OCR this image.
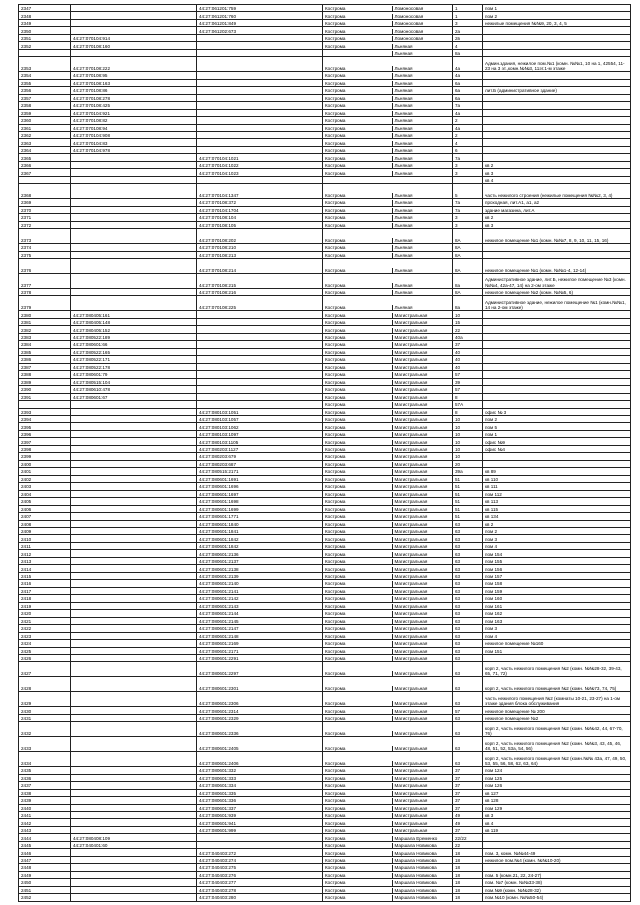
2347		44:27:061201:759	Кострома Ломоносовая	1	пом 1
2348		44:27:061201:760	Кострома Ломоносовая	1	пом 2
2349		44:27:061201:849	Кострома Ломоносовая	3	нежилые помещения №№9, 20, 3, 4, 5
2350		44:27:061202:673	Кострома Ломоносовая	2а	
2351	44:27:070104:914		Кострома Ломоносовая	2в	
2352	44:27:070108:160		Кострома Льняная	4	

Льняная	8а	
2353	44:27:070108:222		Кострома Льняная	4а	Админ.здания, нежилое пом.№1 (комн. №№1, 10 на 1, 42554, 11-23 на 3 эт.,комн.№№3, 11эт.1-м этаже
2354	44:27:070108:95		Кострома Льняная	4а	
2355	44:27:070108:163		Кострома Льняная	6а	
2356	44:27:070108:86		Кострома Льняная	6а	лит.Б (административное здание)
2357	44:27:070108:278		Кострома Льняная	6а	
2358	44:27:070108:425		Кострома Льняная	7а	
2359	44:27:070104:921		Кострома Льняная	4а	
2360	44:27:070108:82		Кострома Льняная	2	
2361	44:27:070108:94		Кострома Льняная	4а	
2362	44:27:070104:908		Кострома Льняная	2	
2363	44:27:070104:83		Кострома Льняная	4	
2364	44:27:070104:978		Кострома Льняная	6	
2365		44:27:070104:1021	Кострома Льняная	7а	
2366		44:27:070104:1022	Кострома Льняная	3	кв 2
2367		44:27:070104:1023	Кострома Льняная	3	кв 3

		кв 4
2368		44:27:070104:1347	Кострома Льняная	5	часть нежилого строения (нежилые помещения №№2, 3, 4)
2369		44:27:070108:372	Кострома Льняная	7а	проходная, лит.А1, а1, а2
2370		44:27:070104:1704	Кострома Льняная	7а	здание магазина, лит.А
2371		44:27:070108:104	Кострома Льняная	3	кв 2
2372		44:27:070108:105	Кострома Льняная	3	кв 3
2373		44:27:070108:202	Кострома Льняная	8А	нежилое помещение №1 (комн. №№7, 8, 9, 10, 11, 15, 16)
2374		44:27:070108:210	Кострома Льняная	8А	
2375		44:27:070108:213	Кострома Льняная	8А	
2376		44:27:070108:214	Кострома Льняная	8А	нежилое помещение №1 (комн. №№1-4, 12-14)
2377		44:27:070108:215	Кострома Льняная	8а	Административное здание, лит.Б, нежилое помещение №3 (комн. №№4, 42а-47, 14) на 2-ом этаже
2378		44:27:070108:216	Кострома Льняная	8А	нежилое помещение №2 (комн. №№5, 6)
2379		44:27:070108:225	Кострома Льняная	8а	Административное здание, нежилое помещение №1 (комн.№№1, 14 на 2-ом этаже)
2380	44:27:080405:161		Кострома Магистральная	10	
2381	44:27:080405:148		Кострома Магистральная	15	
2382	44:27:080405:152		Кострома Магистральная	22	
2383	44:27:080522:189		Кострома Магистральная	40а	
2384	44:27:080601:66		Кострома Магистральная	37	
2385	44:27:080522:165		Кострома Магистральная	40	
2386	44:27:080522:171		Кострома Магистральная	40	
2387	44:27:080522:178		Кострома Магистральная	40	
2388	44:27:080601:79		Кострома Магистральная	57	
2389	44:27:080515:104		Кострома Магистральная	39	
2390	44:27:080610:478		Кострома Магистральная	57	
2391	44:27:080601:67		Кострома Магистральная	8	

			Кострома Магистральная	57А	
2393		44:27:080103:1051	Кострома Магистральная	8	офис № 3
2394		44:27:080103:1057	Кострома Магистральная	10	пом 2
2395		44:27:080103:1062	Кострома Магистральная	10	пом 5
2396		44:27:080103:1097	Кострома Магистральная	10	пом 1
2397		44:27:080103:1105	Кострома Магистральная	10	офис №9
2398		44:27:080203:1127	Кострома Магистральная	10	офис №4
2399		44:27:080203:679	Кострома Магистральная	10	
2400		44:27:080203:687	Кострома Магистральная	20	
2401		44:27:080515:2171	Кострома Магистральная	39а	кв 89
2402		44:27:080601:1691	Кострома Магистральная	51	кв 110
2403		44:27:080601:1696	Кострома Магистральная	51	кв 111
2404		44:27:080601:1697	Кострома Магистральная	51	пом 112
2405		44:27:080601:1698	Кострома Магистральная	51	кв 113
2406		44:27:080601:1699	Кострома Магистральная	51	кв 115
2407		44:27:080601:1771	Кострома Магистральная	51	кв 134
2408		44:27:080601:1840	Кострома Магистральная	63	кв 2
2409		44:27:080601:1841	Кострома Магистральная	63	пом 2
2410		44:27:080601:1842	Кострома Магистральная	63	пом 3
2411		44:27:080601:1842	Кострома Магистральная	63	пом 4
2412		44:27:080601:2136	Кострома Магистральная	63	пом 154
2413		44:27:080601:2137	Кострома Магистральная	63	пом 155
2414		44:27:080601:2138	Кострома Магистральная	63	пом 156
2415		44:27:080601:2139	Кострома Магистральная	63	пом 157
2416		44:27:080601:2140	Кострома Магистральная	63	пом 158
2417		44:27:080601:2141	Кострома Магистральная	63	пом 159
2418		44:27:080601:2142	Кострома Магистральная	63	пом 160
2419		44:27:080601:2143	Кострома Магистральная	63	пом 161
2420		44:27:080601:2144	Кострома Магистральная	63	пом 162
2421		44:27:080601:2145	Кострома Магистральная	63	пом 163
2422		44:27:080601:2147	Кострома Магистральная	63	пом 3
2423		44:27:080601:2148	Кострома Магистральная	63	пом 4
2424		44:27:080601:2169	Кострома Магистральная	63	нежилое помещение №160
2425		44:27:080601:2171	Кострома Магистральная	63	пом 151
2426		44:27:080601:2291	Кострома Магистральная	63	
2427		44:27:080601:2297	Кострома Магистральная	63	корп 2, часть нежилого помещения №2 (комн. №№28-32, 39-43, 65, 71, 72)
2428		44:27:080601:2301	Кострома Магистральная	63	корп 2, часть нежилого помещения №2 (комн. №№73, 74, 75)
2429		44:27:080601:2306	Кострома Магистральная	63	часть нежилого помещения №2 (комнаты 10-21, 23-27) на 1-ом этаже здания блока обслуживания
2430		44:27:080601:2314	Кострома Магистральная	57	нежилое помещение № 200
2431		44:27:080601:2329	Кострома Магистральная	63	нежилое помещение №2
2432		44:27:080601:2336	Кострома Магистральная	63	корп 2, часть нежилого помещения №2 (комн. №№42, 44, 67-70, 76)
2433		44:27:080601:2405	Кострома Магистральная	63	корп 2, часть нежилого помещения №2 (комн. №№3, 43, 45, 46, 48, 51, 52, 53а, 54, 56)
2434		44:27:080601:2406	Кострома Магистральная	63	корп 2, часть нежилого помещения №2 (комн.№№ 43а, 47, 49, 50, 53, 55, 56, 58, 62, 63, 64)
2435		44:27:080601:332	Кострома Магистральная	37	пом 124
2436		44:27:080601:333	Кострома Магистральная	37	пом 125
2437		44:27:080601:334	Кострома Магистральная	37	пом 126
2438		44:27:080601:335	Кострома Магистральная	37	кв 127
2439		44:27:080601:336	Кострома Магистральная	37	кв 128
2440		44:27:080601:337	Кострома Магистральная	37	пом 129
2441		44:27:080601:939	Кострома Магистральная	49	кв 3
2442		44:27:080601:941	Кострома Магистральная	49	кв 4
2443		44:27:080601:999	Кострома Магистральная	37	кв 119
2444	44:27:080408:109		Кострома Маршала Еременко	22/22	
2445	44:27:040401:60		Кострома Маршала Новикова	22	
2446		44:27:040403:272	Кострома Маршала Новикова	18	пом. 3, комн. №№44-49
2447		44:27:040403:274	Кострома Маршала Новикова	18	нежилое пом.№4 (комн. №№10-20)
2448		44:27:040403:275	Кострома Маршала Новикова	18	
2449		44:27:040403:276	Кострома Маршала Новикова	18	пом. 5 (комн.21, 22, 24-27)
2450		44:27:040403:277	Кострома Маршала Новикова	18	пом. №7 (комн. №№33-38)
2451		44:27:040403:278	Кострома Маршала Новикова	18	пом.№9 (комн. №№28-32)
2452		44:27:040403:280	Кострома Маршала Новикова	18	пом.№10 (комн. №№50-54)
